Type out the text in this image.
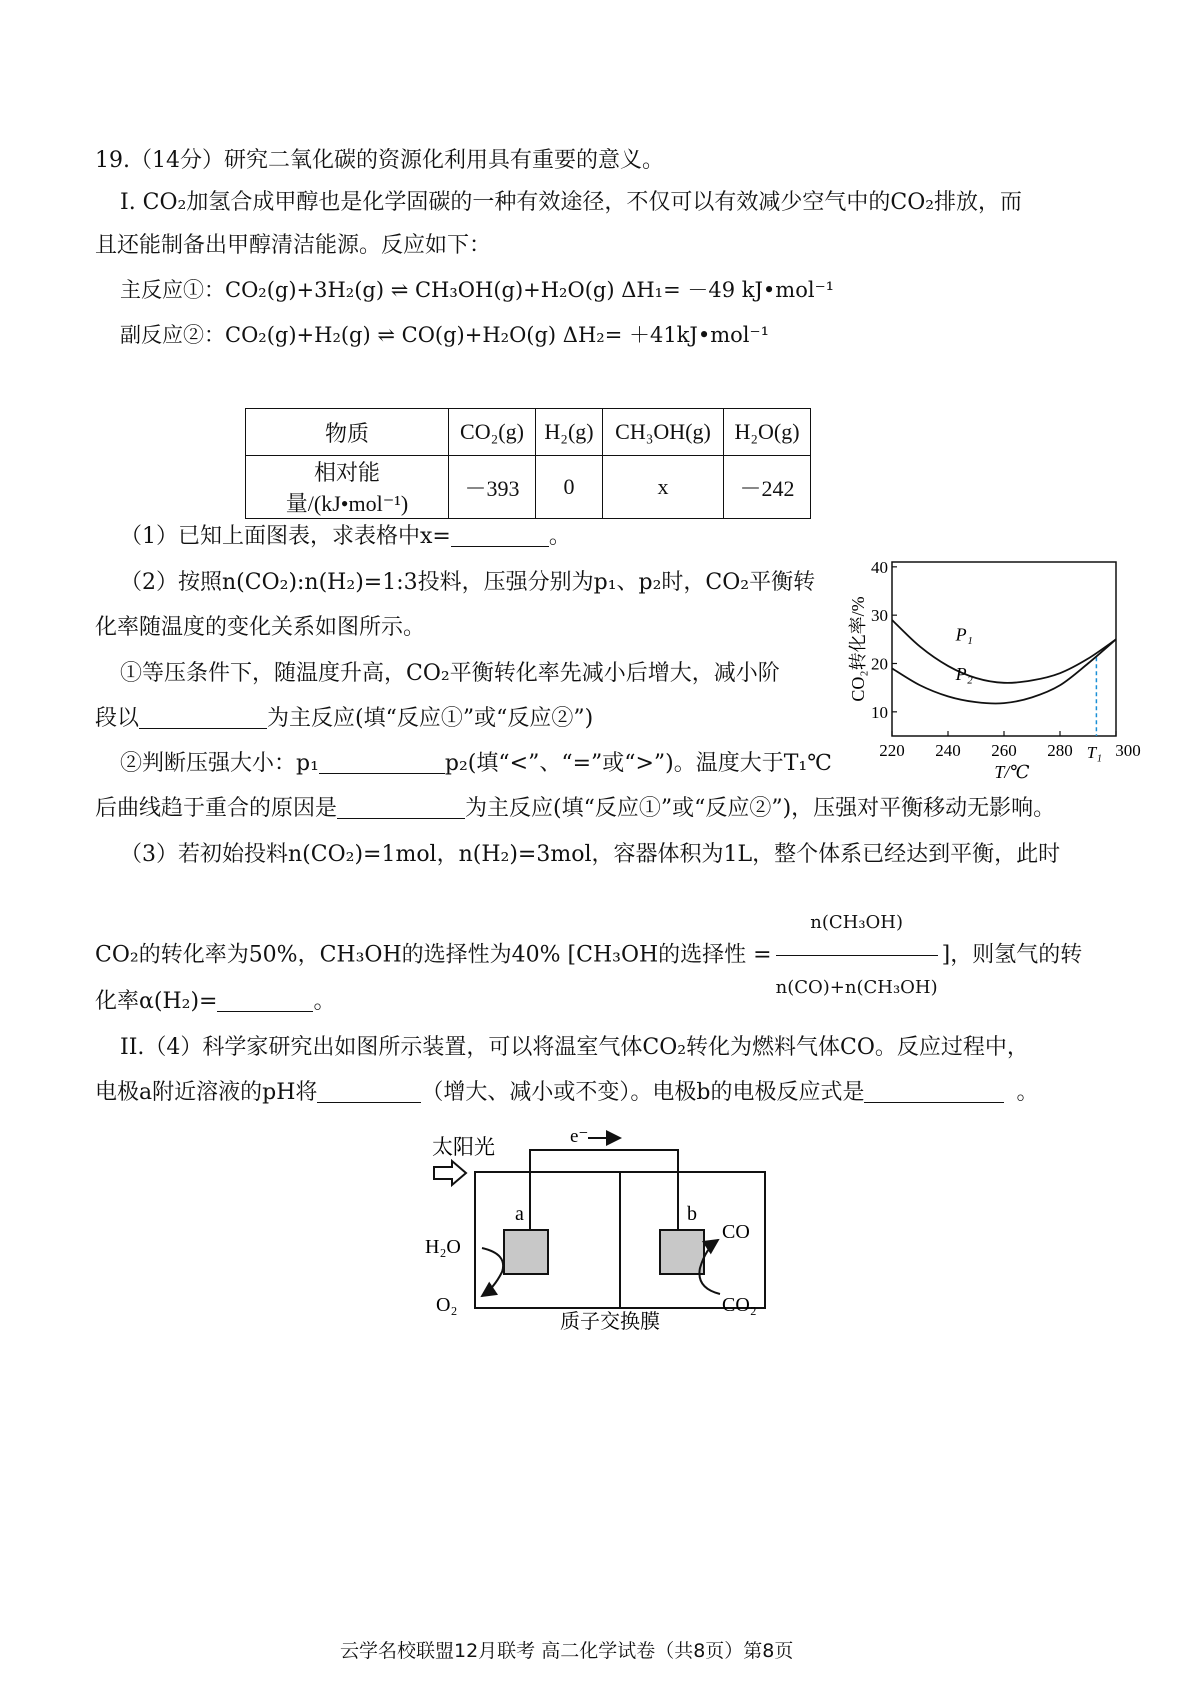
19.（14分）研究二氧化碳的资源化利用具有重要的意义。
I. CO₂加氢合成甲醇也是化学固碳的一种有效途径，不仅可以有效减少空气中的CO₂排放，而
且还能制备出甲醇清洁能源。反应如下：
主反应①：CO₂(g)+3H₂(g) ⇌ CH₃OH(g)+H₂O(g) ΔH₁= －49 kJ•mol⁻¹
副反应②：CO₂(g)+H₂(g) ⇌ CO(g)+H₂O(g) ΔH₂= ＋41kJ•mol⁻¹
物质	CO₂(g)	H₂(g)	CH₃OH(g)	H₂O(g)
相对能量/(kJ•mol⁻¹)	－393	0	x	－242
（1）已知上面图表，求表格中x=	。
（2）按照n(CO₂):n(H₂)=1:3投料，压强分别为p₁、p₂时，CO₂平衡转
化率随温度的变化关系如图所示。
①等压条件下，随温度升高，CO₂平衡转化率先减小后增大，减小阶
段以	为主反应(填“反应①”或“反应②”)
②判断压强大小：p₁	p₂(填“<”、“=”或“>”)。温度大于T₁℃
后曲线趋于重合的原因是	为主反应(填“反应①”或“反应②”)，压强对平衡移动无影响。
10
20
30
40
220 240 260 280	300
CO₂转化率/%
T/℃
T₁
P₁
P₂
（3）若初始投料n(CO₂)=1mol，n(H₂)=3mol，容器体积为1L，整个体系已经达到平衡，此时
CO₂的转化率为50%，CH₃OH的选择性为40% [CH₃OH的选择性 = $\frac{\text{n(CH₃OH)}}{\text{n(CO)+n(CH₃OH)}}$ ]，则氢气的转
化率α(H₂)=	。
II.（4）科学家研究出如图所示装置，可以将温室气体CO₂转化为燃料气体CO。反应过程中，
电极a附近溶液的pH将	（增大、减小或不变）。电极b的电极反应式是	。
太阳光	e⁻
a	b
H₂O
O₂
CO
CO₂
质子交换膜
云学名校联盟12月联考 高二化学试卷（共8页）第8页
